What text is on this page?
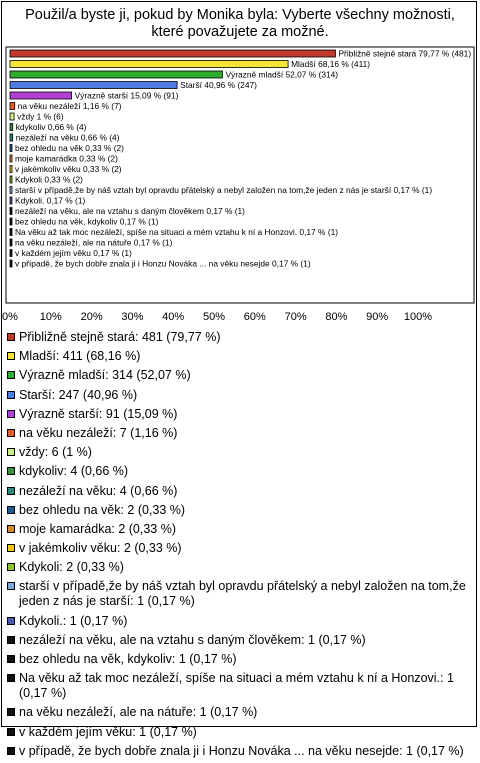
Použil/a byste ji, pokud by Monika byla: Vyberte všechny možnosti, které považujete za možné.
Přibližně stejně stará 79,77 % (481)
Mladší 68,16 % (411)
Výrazně mladší 52,07 % (314)
Starší 40,96 % (247)
Výrazně starší 15,09 % (91)
na věku nezáleží 1,16 % (7)
vždy 1 % (6)
kdykoliv 0,66 % (4)
nezáleží na věku 0,66 % (4)
bez ohledu na věk 0,33 % (2)
moje kamarádka 0,33 % (2)
v jakémkoliv věku 0,33 % (2)
Kdykoli 0,33 % (2)
starší v případě,že by náš vztah byl opravdu přátelský a nebyl založen na tom,že jeden z nás je starší 0,17 % (1)
Kdykoli. 0,17 % (1)
nezáleží na věku, ale na vztahu s daným člověkem 0,17 % (1)
bez ohledu na věk, kdykoliv 0,17 % (1)
Na věku až tak moc nezáleží, spíše na situaci a mém vztahu k ní a Honzovi. 0,17 % (1)
na věku nezáleží, ale na nátuře 0,17 % (1)
v každém jejím věku 0,17 % (1)
v případě, že bych dobře znala ji i Honzu Nováka ... na věku nesejde 0,17 % (1)
0% 10% 20% 30% 40% 50% 60% 70% 80% 90% 100%
Přibližně stejně stará: 481 (79,77 %)
Mladší: 411 (68,16 %)
Výrazně mladší: 314 (52,07 %)
Starší: 247 (40,96 %)
Výrazně starší: 91 (15,09 %)
na věku nezáleží: 7 (1,16 %)
vždy: 6 (1 %)
kdykoliv: 4 (0,66 %)
nezáleží na věku: 4 (0,66 %)
bez ohledu na věk: 2 (0,33 %)
moje kamarádka: 2 (0,33 %)
v jakémkoliv věku: 2 (0,33 %)
Kdykoli: 2 (0,33 %)
starší v případě,že by náš vztah byl opravdu přátelský a nebyl založen na tom,že jeden z nás je starší: 1 (0,17 %)
Kdykoli.: 1 (0,17 %)
nezáleží na věku, ale na vztahu s daným člověkem: 1 (0,17 %)
bez ohledu na věk, kdykoliv: 1 (0,17 %)
Na věku až tak moc nezáleží, spíše na situaci a mém vztahu k ní a Honzovi.: 1 (0,17 %)
na věku nezáleží, ale na nátuře: 1 (0,17 %)
v každém jejím věku: 1 (0,17 %)
v případě, že bych dobře znala ji i Honzu Nováka ... na věku nesejde: 1 (0,17 %)
